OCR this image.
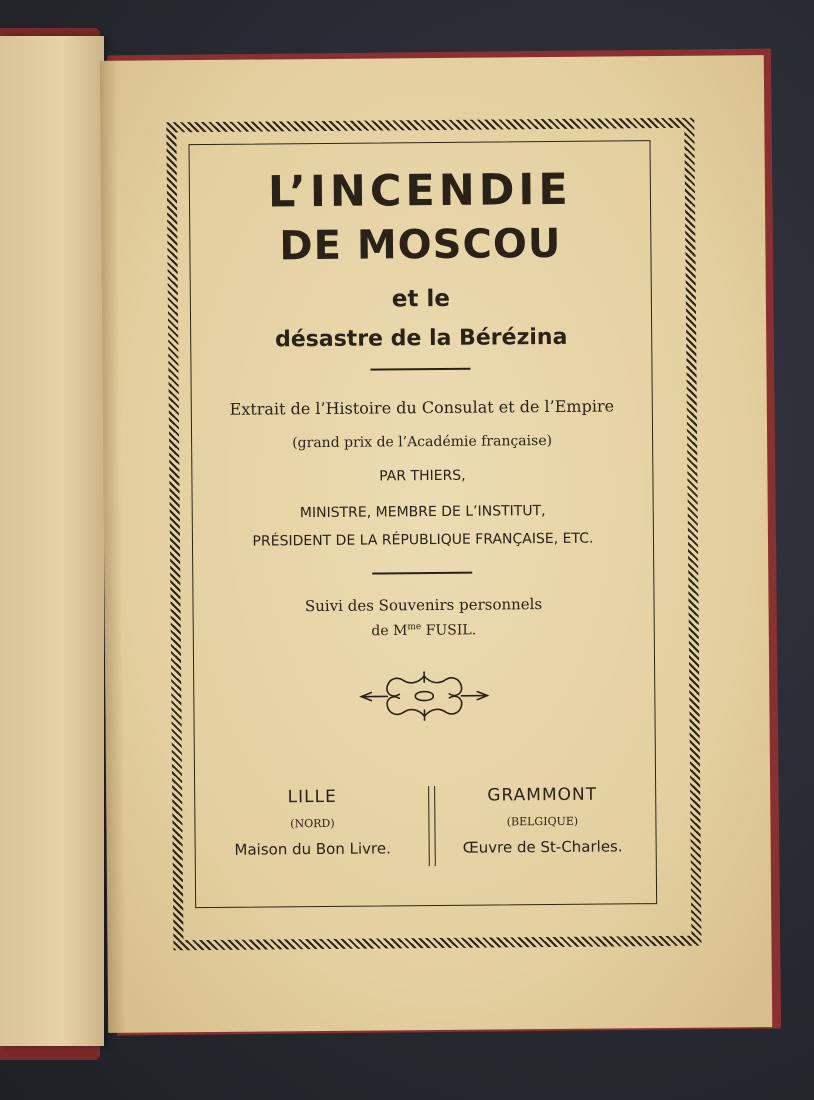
L’INCENDIE
DE MOSCOU
et le
désastre de la Bérézina
Extrait de l’Histoire du Consulat et de l’Empire
(grand prix de l’Académie française)
PAR THIERS,
MINISTRE, MEMBRE DE L’INSTITUT,
PRÉSIDENT DE LA RÉPUBLIQUE FRANÇAISE, ETC.
Suivi des Souvenirs personnels
de $M^{me}$ FUSIL.
LILLE
(NORD)
Maison du Bon Livre.
GRAMMONT
(BELGIQUE)
Œuvre de St-Charles.
